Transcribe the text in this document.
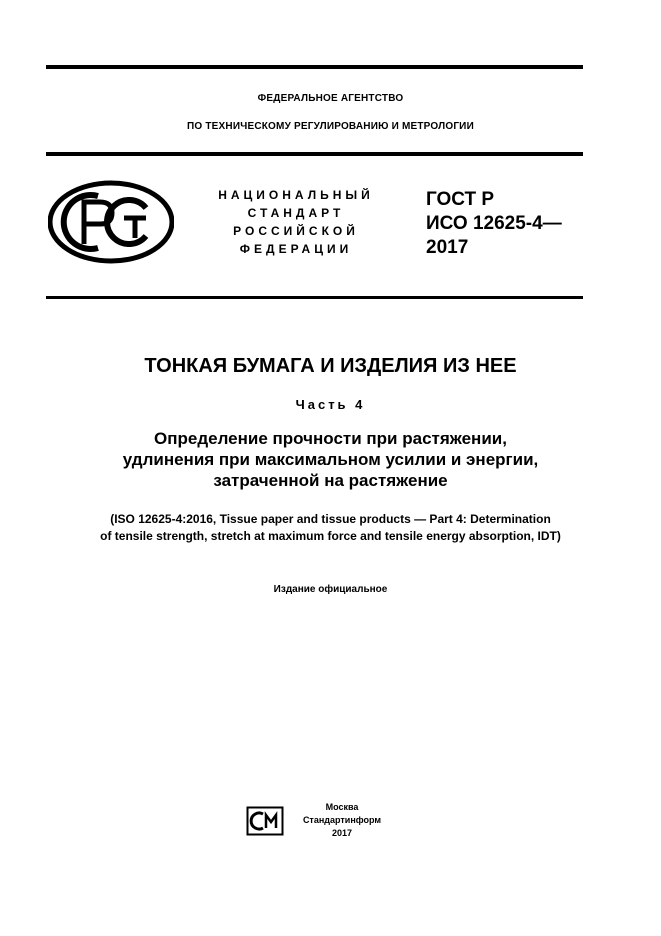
ФЕДЕРАЛЬНОЕ АГЕНТСТВО
ПО ТЕХНИЧЕСКОМУ РЕГУЛИРОВАНИЮ И МЕТРОЛОГИИ
НАЦИОНАЛЬНЫЙ
СТАНДАРТ
РОССИЙСКОЙ
ФЕДЕРАЦИИ
ГОСТ Р
ИСО 12625-4—
2017
ТОНКАЯ БУМАГА И ИЗДЕЛИЯ ИЗ НЕЕ
Часть 4
Определение прочности при растяжении,
удлинения при максимальном усилии и энергии,
затраченной на растяжение
(ISO 12625-4:2016, Tissue paper and tissue products — Part 4: Determination
of tensile strength, stretch at maximum force and tensile energy absorption, IDT)
Издание официальное
Москва
Стандартинформ
2017
